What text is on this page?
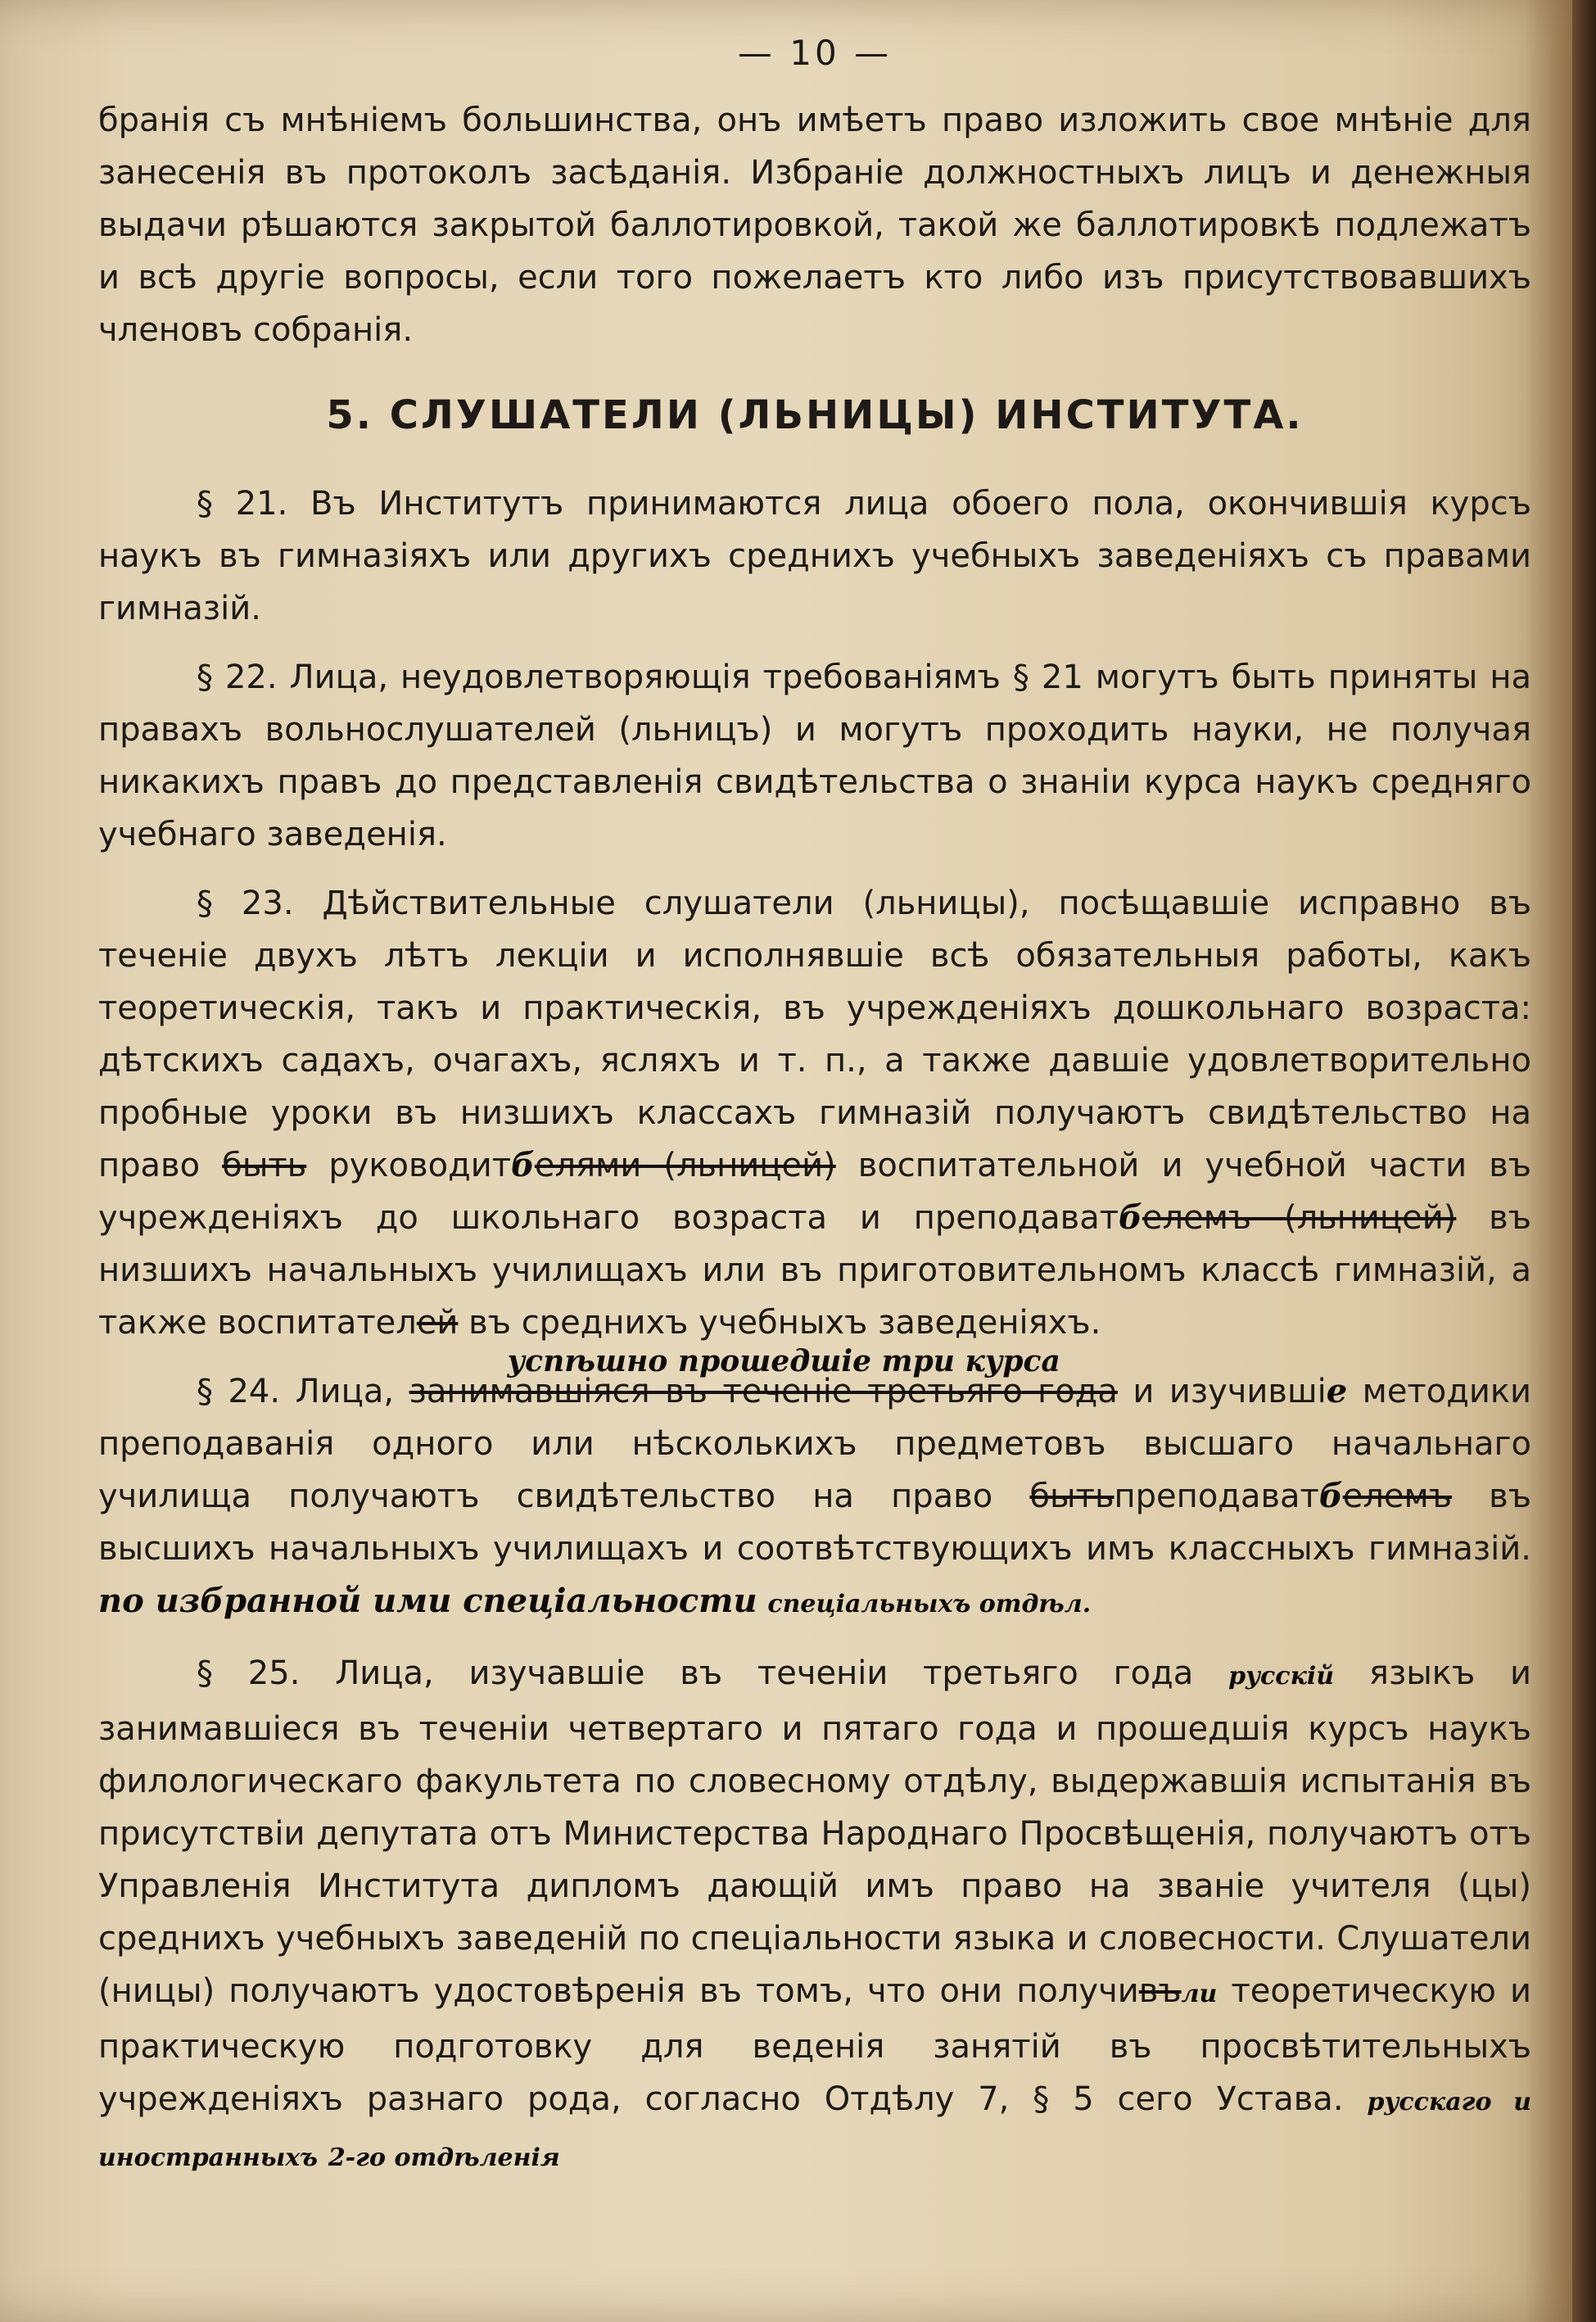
— 10 —

бранія съ мнѣніемъ большинства, онъ имѣетъ право изложить свое мнѣніе для занесенія въ протоколъ засѣданія. Избраніе должностныхъ лицъ и денежныя выдачи рѣшаются закрытой баллотировкой, такой же баллотировкѣ подлежатъ и всѣ другіе вопросы, если того пожелаетъ кто либо изъ присутствовавшихъ членовъ собранія.

5. СЛУШАТЕЛИ (ЛЬНИЦЫ) ИНСТИТУТА.

§ 21. Въ Институтъ принимаются лица обоего пола, окончившія курсъ наукъ въ гимназіяхъ или другихъ среднихъ учебныхъ заведеніяхъ съ правами гимназій.

§ 22. Лица, неудовлетворяющія требованіямъ § 21 могутъ быть приняты на правахъ вольнослушателей (льницъ) и могутъ проходить науки, не получая никакихъ правъ до представленія свидѣтельства о знаніи курса наукъ средняго учебнаго заведенія.

§ 23. Дѣйствительные слушатели (льницы), посѣщавшіе исправно въ теченіе двухъ лѣтъ лекціи и исполнявшіе всѣ обязательныя работы, какъ теоретическія, такъ и практическія, въ учрежденіяхъ дошкольнаго возраста: дѣтскихъ садахъ, очагахъ, ясляхъ и т. п., а также давшіе удовлетворительно пробные уроки въ низшихъ классахъ гимназій получаютъ свидѣтельство на право быть руководитбелями (льницей) воспитательной и учебной части въ учрежденіяхъ до школьнаго возраста и преподаватбелемъ (льницей) въ низшихъ начальныхъ училищахъ или въ приготовительномъ классѣ гимназій, а также воспитателей въ среднихъ учебныхъ заведеніяхъ.

§ 24. Лица,
успѣшно прошедшіе три курса
занимавшіяся въ теченіе третьяго года и изучившіе методики преподаванія одного или нѣсколькихъ предметовъ высшаго начальнаго училища получаютъ свидѣтельство на право бытьпреподаватбелемъ въ высшихъ начальныхъ училищахъ и соотвѣтствующихъ имъ классныхъ гимназій. по избранной ими спеціальности спеціальныхъ отдѣл.

§ 25. Лица, изучавшіе въ теченіи третьяго года русскій языкъ и занимавшіеся въ теченіи четвертаго и пятаго года и прошедшія курсъ наукъ филологическаго факультета по словесному отдѣлу, выдержавшія испытанія въ присутствіи депутата отъ Министерства Народнаго Просвѣщенія, получаютъ отъ Управленія Института дипломъ дающій имъ право на званіе учителя (цы) среднихъ учебныхъ заведеній по спеціальности языка и словесности. Слушатели (ницы) получаютъ удостовѣренія въ томъ, что они получивъли теоретическую и практическую подготовку для веденія занятій въ просвѣтительныхъ учрежденіяхъ разнаго рода, согласно Отдѣлу 7, § 5 сего Устава. русскаго и иностранныхъ 2-го отдѣленія
